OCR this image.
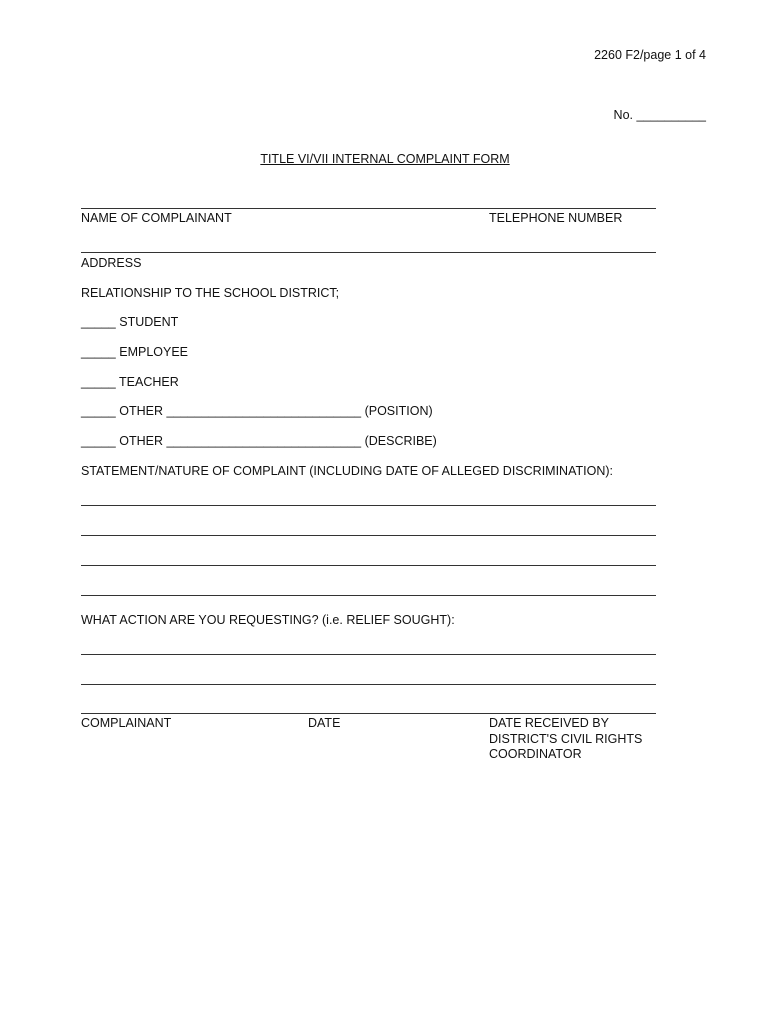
2260 F2/page 1 of 4
No. __________
TITLE VI/VII INTERNAL COMPLAINT FORM
NAME OF COMPLAINANT	TELEPHONE NUMBER
ADDRESS
RELATIONSHIP TO THE SCHOOL DISTRICT;
_____ STUDENT
_____ EMPLOYEE
_____ TEACHER
_____ OTHER ____________________________ (POSITION)
_____ OTHER ____________________________ (DESCRIBE)
STATEMENT/NATURE OF COMPLAINT (INCLUDING DATE OF ALLEGED DISCRIMINATION):
WHAT ACTION ARE YOU REQUESTING? (i.e. RELIEF SOUGHT):
COMPLAINANT	DATE	DATE RECEIVED BY
DISTRICT'S CIVIL RIGHTS
COORDINATOR
